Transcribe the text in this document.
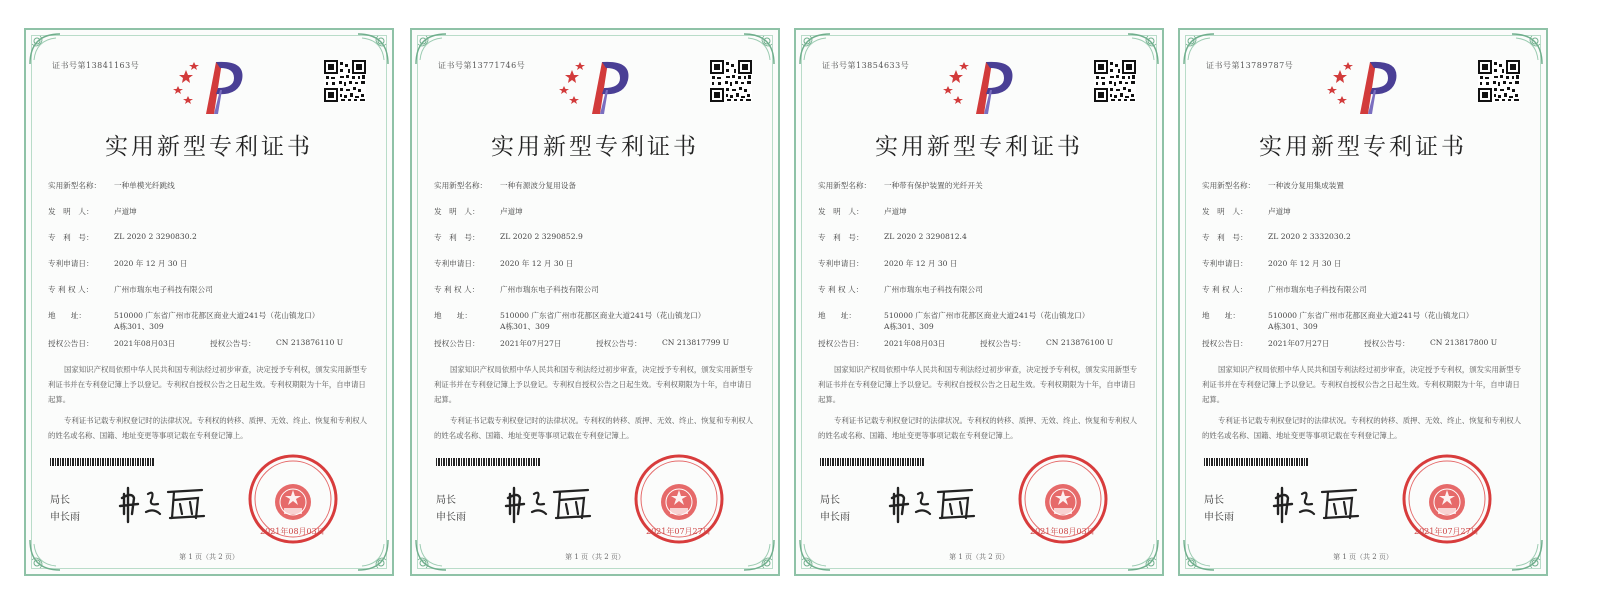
证书号第13841163号
实用新型专利证书
实用新型名称：	一种单模光纤跳线
发　明　人：	卢道坤
专　利　号：	ZL 2020 2 3290830.2
专利申请日：	2020 年 12 月 30 日
专 利 权 人：	广州市瑞东电子科技有限公司
地　　址：	510000 广东省广州市花都区商业大道241号（花山镇龙口）
A栋301、309
授权公告日：	2021年08月03日	授权公告号：	CN 213876110 U
国家知识产权局依照中华人民共和国专利法经过初步审查，决定授予专利权，颁发实用新型专利证书并在专利登记簿上予以登记。专利权自授权公告之日起生效。专利权期限为十年，自申请日起算。
专利证书记载专利权登记时的法律状况。专利权的转移、质押、无效、终止、恢复和专利权人的姓名或名称、国籍、地址变更等事项记载在专利登记簿上。
局长
申长雨
2021年08月03日
第 1 页（共 2 页）
证书号第13771746号
实用新型专利证书
实用新型名称：	一种有源波分复用设备
发　明　人：	卢道坤
专　利　号：	ZL 2020 2 3290852.9
专利申请日：	2020 年 12 月 30 日
专 利 权 人：	广州市瑞东电子科技有限公司
地　　址：	510000 广东省广州市花都区商业大道241号（花山镇龙口）
A栋301、309
授权公告日：	2021年07月27日	授权公告号：	CN 213817799 U
国家知识产权局依照中华人民共和国专利法经过初步审查，决定授予专利权，颁发实用新型专利证书并在专利登记簿上予以登记。专利权自授权公告之日起生效。专利权期限为十年，自申请日起算。
专利证书记载专利权登记时的法律状况。专利权的转移、质押、无效、终止、恢复和专利权人的姓名或名称、国籍、地址变更等事项记载在专利登记簿上。
局长
申长雨
2021年07月27日
第 1 页（共 2 页）
证书号第13854633号
实用新型专利证书
实用新型名称：	一种带有保护装置的光纤开关
发　明　人：	卢道坤
专　利　号：	ZL 2020 2 3290812.4
专利申请日：	2020 年 12 月 30 日
专 利 权 人：	广州市瑞东电子科技有限公司
地　　址：	510000 广东省广州市花都区商业大道241号（花山镇龙口）
A栋301、309
授权公告日：	2021年08月03日	授权公告号：	CN 213876100 U
国家知识产权局依照中华人民共和国专利法经过初步审查，决定授予专利权，颁发实用新型专利证书并在专利登记簿上予以登记。专利权自授权公告之日起生效。专利权期限为十年，自申请日起算。
专利证书记载专利权登记时的法律状况。专利权的转移、质押、无效、终止、恢复和专利权人的姓名或名称、国籍、地址变更等事项记载在专利登记簿上。
局长
申长雨
2021年08月03日
第 1 页（共 2 页）
证书号第13789787号
实用新型专利证书
实用新型名称：	一种波分复用集成装置
发　明　人：	卢道坤
专　利　号：	ZL 2020 2 3332030.2
专利申请日：	2020 年 12 月 30 日
专 利 权 人：	广州市瑞东电子科技有限公司
地　　址：	510000 广东省广州市花都区商业大道241号（花山镇龙口）
A栋301、309
授权公告日：	2021年07月27日	授权公告号：	CN 213817800 U
国家知识产权局依照中华人民共和国专利法经过初步审查，决定授予专利权，颁发实用新型专利证书并在专利登记簿上予以登记。专利权自授权公告之日起生效。专利权期限为十年，自申请日起算。
专利证书记载专利权登记时的法律状况。专利权的转移、质押、无效、终止、恢复和专利权人的姓名或名称、国籍、地址变更等事项记载在专利登记簿上。
局长
申长雨
2021年07月27日
第 1 页（共 2 页）
